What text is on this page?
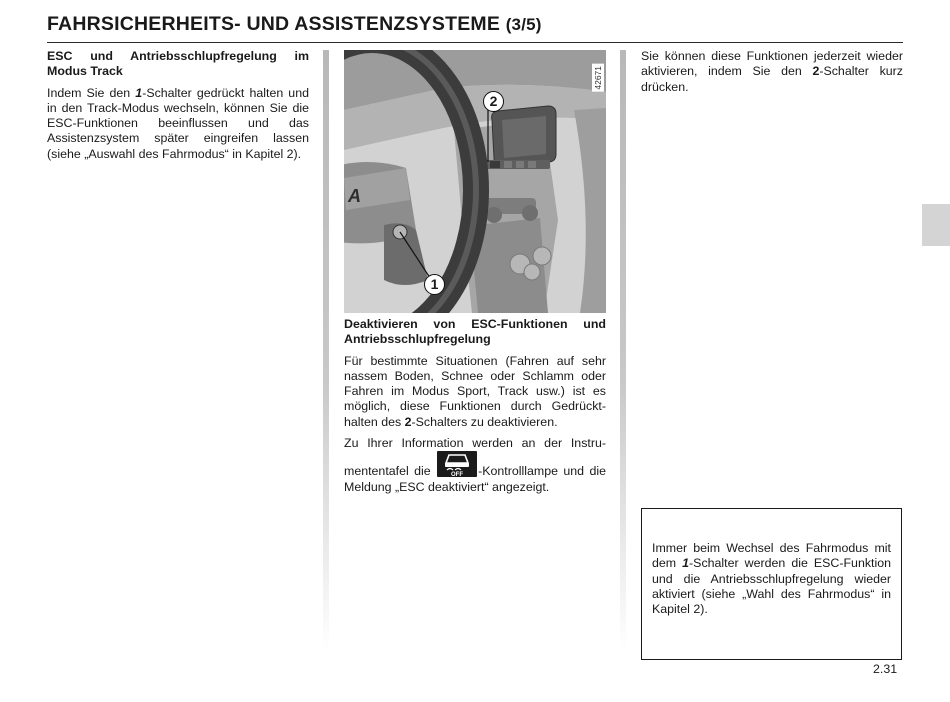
FAHRSICHERHEITS- UND ASSISTENZSYSTEME (3/5)

ESC und Antriebsschlupfregelung im Modus Track

Indem Sie den 1-Schalter gedrückt halten und in den Track-Modus wechseln, können Sie die ESC-Funktionen beeinflussen und das Assistenzsystem später eingreifen lassen (siehe „Auswahl des Fahrmodus“ in Kapitel 2).

A
42671
2
1

Deaktivieren von ESC-Funktionen und Antriebsschlupfregelung

Für bestimmte Situationen (Fahren auf sehr nassem Boden, Schnee oder Schlamm oder Fahren im Modus Sport, Track usw.) ist es möglich, diese Funktionen durch Gedrückthalten des 2-Schalters zu deaktivieren.

Zu Ihrer Information werden an der Instrumententafel die	OFF -Kontrolllampe und die Meldung „ESC deaktiviert“ angezeigt.

Sie können diese Funktionen jederzeit wieder aktivieren, indem Sie den 2-Schalter kurz drücken.

Immer beim Wechsel des Fahrmodus mit dem 1-Schalter werden die ESC-Funktion und die Antriebsschlupfregelung wieder aktiviert (siehe „Wahl des Fahrmodus“ in Kapitel 2).

2.31
